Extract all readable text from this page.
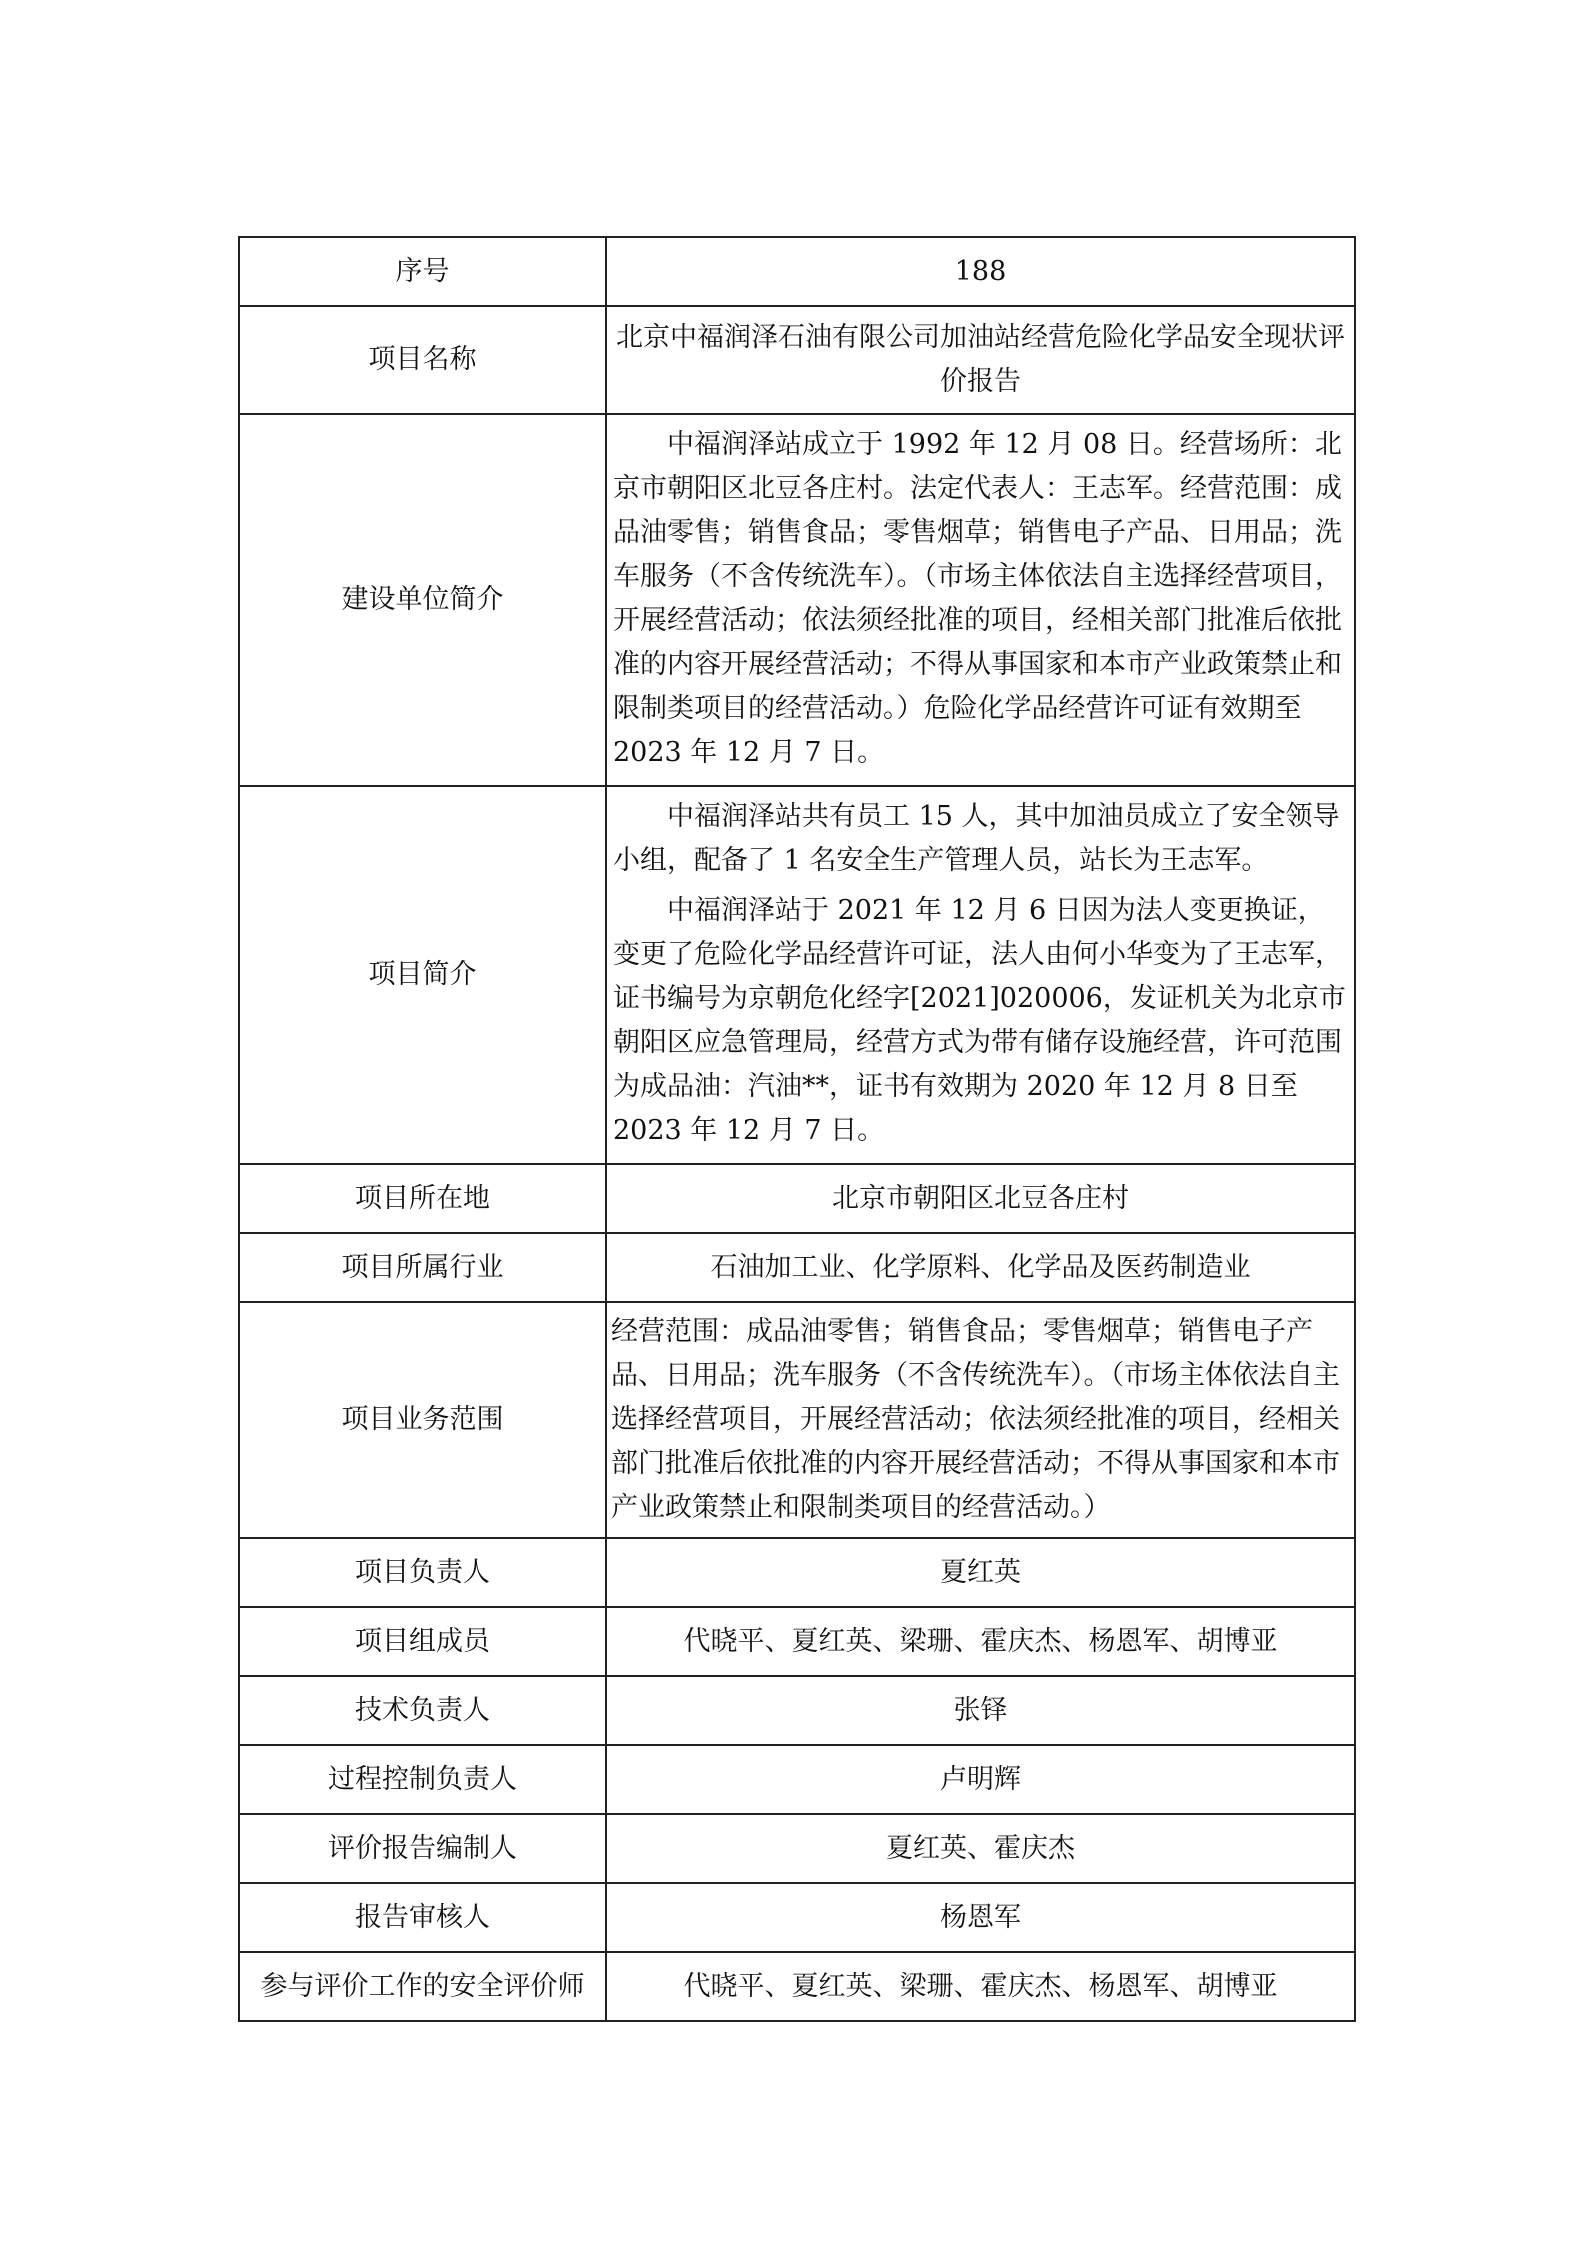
序号	188
项目名称	北京中福润泽石油有限公司加油站经营危险化学品安全现状评价报告
建设单位简介	中福润泽站成立于 1992 年 12 月 08 日。经营场所：北京市朝阳区北豆各庄村。法定代表人：王志军。经营范围：成品油零售；销售食品；零售烟草；销售电子产品、日用品；洗车服务（不含传统洗车）。（市场主体依法自主选择经营项目，开展经营活动；依法须经批准的项目，经相关部门批准后依批准的内容开展经营活动；不得从事国家和本市产业政策禁止和限制类项目的经营活动。）危险化学品经营许可证有效期至 2023 年 12 月 7 日。

项目简介	中福润泽站共有员工 15 人，其中加油员成立了安全领导小组，配备了 1 名安全生产管理人员，站长为王志军。

中福润泽站于 2021 年 12 月 6 日因为法人变更换证，变更了危险化学品经营许可证，法人由何小华变为了王志军，证书编号为京朝危化经字[2021]020006，发证机关为北京市朝阳区应急管理局，经营方式为带有储存设施经营，许可范围为成品油：汽油**，证书有效期为 2020 年 12 月 8 日至 2023 年 12 月 7 日。

项目所在地	北京市朝阳区北豆各庄村
项目所属行业	石油加工业、化学原料、化学品及医药制造业
项目业务范围	经营范围：成品油零售；销售食品；零售烟草；销售电子产品、日用品；洗车服务（不含传统洗车）。（市场主体依法自主选择经营项目，开展经营活动；依法须经批准的项目，经相关部门批准后依批准的内容开展经营活动；不得从事国家和本市产业政策禁止和限制类项目的经营活动。）
项目负责人	夏红英
项目组成员	代晓平、夏红英、梁珊、霍庆杰、杨恩军、胡博亚
技术负责人	张铎
过程控制负责人	卢明辉
评价报告编制人	夏红英、霍庆杰
报告审核人	杨恩军
参与评价工作的安全评价师	代晓平、夏红英、梁珊、霍庆杰、杨恩军、胡博亚
